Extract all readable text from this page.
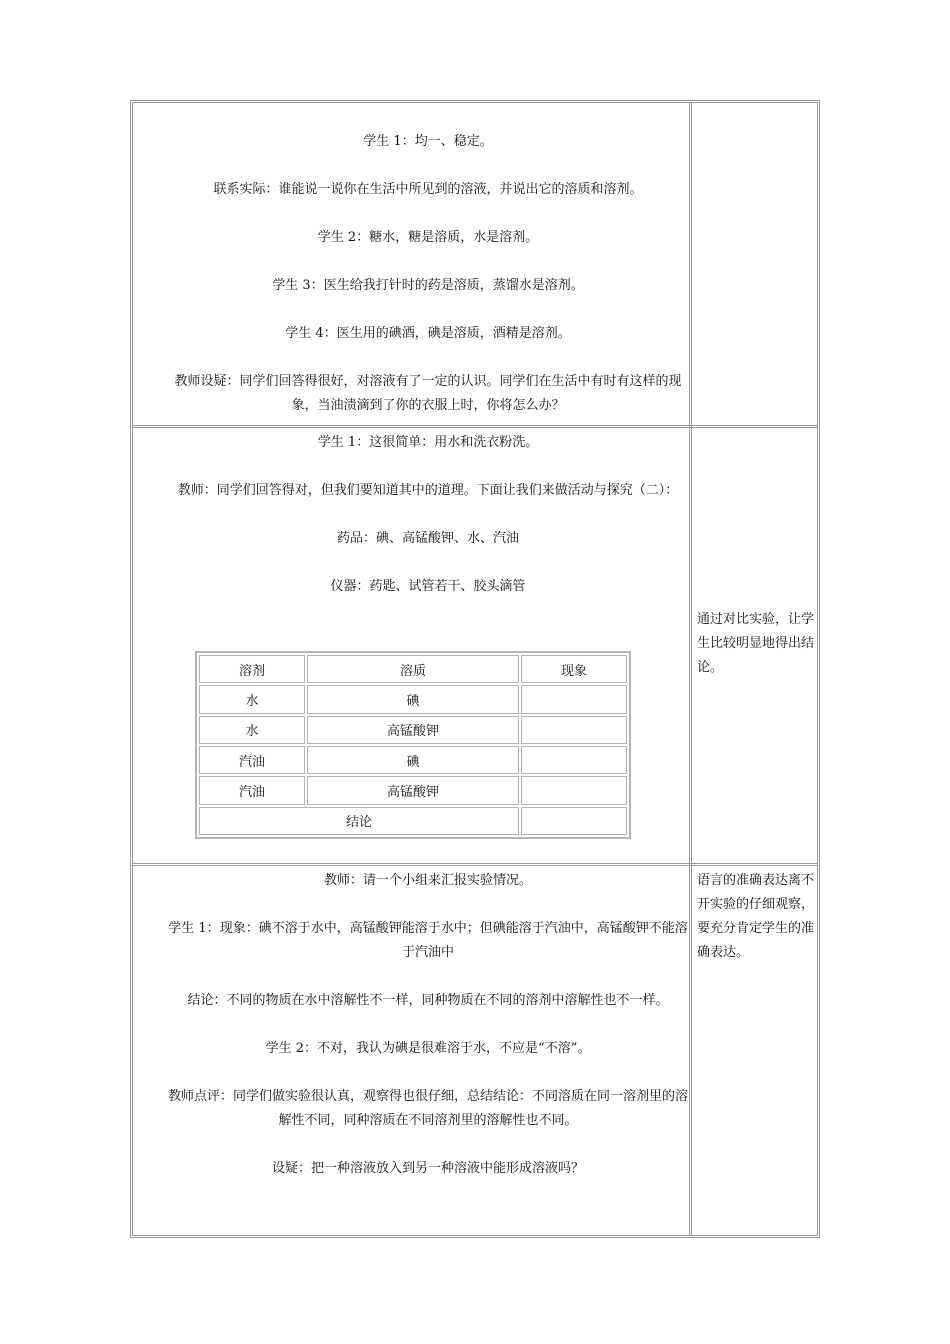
学生 1：均一、稳定。

联系实际：谁能说一说你在生活中所见到的溶液，并说出它的溶质和溶剂。

学生 2：糖水，糖是溶质，水是溶剂。

学生 3：医生给我打针时的药是溶质，蒸馏水是溶剂。

学生 4：医生用的碘酒，碘是溶质，酒精是溶剂。

教师设疑：同学们回答得很好，对溶液有了一定的认识。同学们在生活中有时有这样的现象，当油渍滴到了你的衣服上时，你将怎么办？

学生 1：这很简单：用水和洗衣粉洗。

教师：同学们回答得对，但我们要知道其中的道理。下面让我们来做活动与探究（二）：

药品：碘、高锰酸钾、水、汽油

仪器：药匙、试管若干、胶头滴管

溶剂	溶质	现象
水	碘	
水	高锰酸钾	
汽油	碘	
汽油	高锰酸钾	
结论		

通过对比实验，让学生比较明显地得出结论。

教师：请一个小组来汇报实验情况。

学生 1：现象：碘不溶于水中，高锰酸钾能溶于水中；但碘能溶于汽油中，高锰酸钾不能溶于汽油中

结论：不同的物质在水中溶解性不一样，同种物质在不同的溶剂中溶解性也不一样。

学生 2：不对，我认为碘是很难溶于水，不应是“不溶”。

教师点评：同学们做实验很认真，观察得也很仔细，总结结论：不同溶质在同一溶剂里的溶解性不同，同种溶质在不同溶剂里的溶解性也不同。

设疑：把一种溶液放入到另一种溶液中能形成溶液吗？

语言的准确表达离不开实验的仔细观察，要充分肯定学生的准确表达。
